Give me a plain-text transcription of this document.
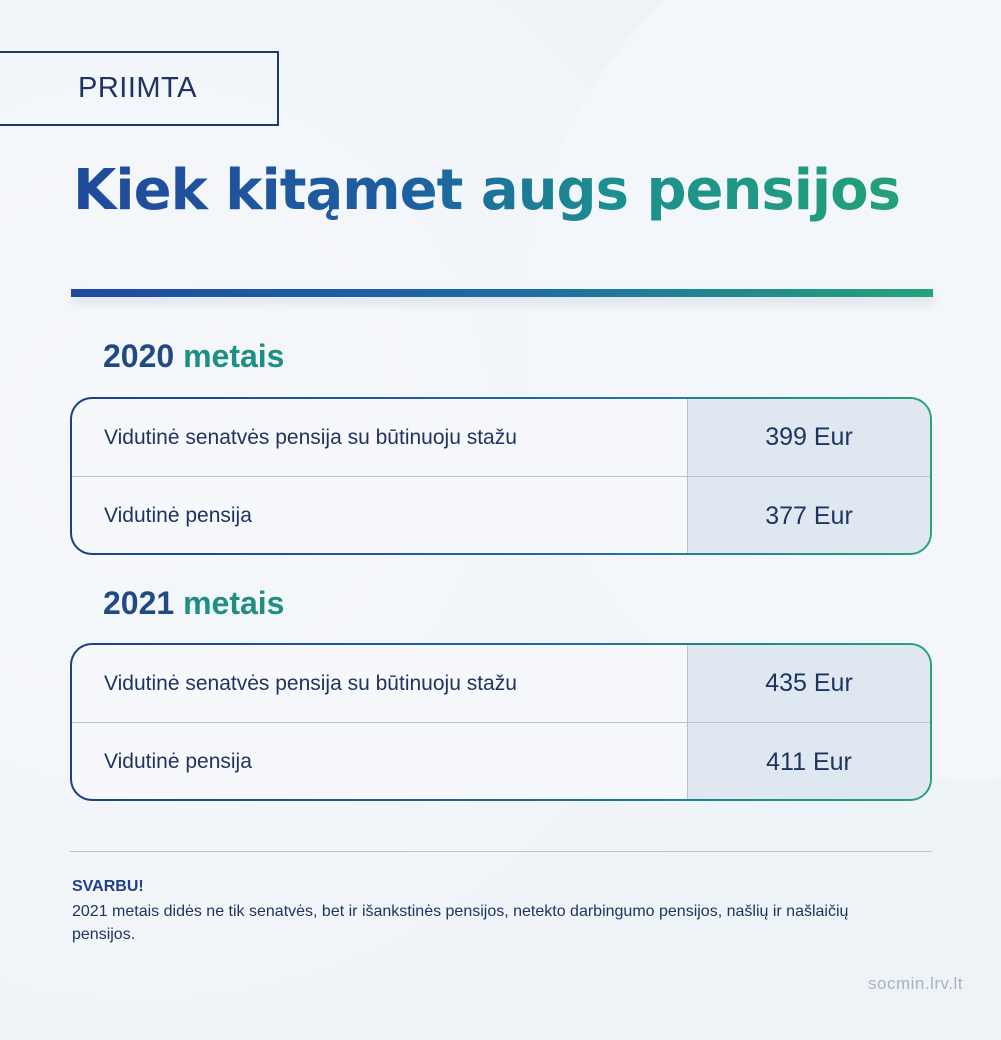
PRIIMTA
Kiek kitąmet augs pensijos
2020 metais
Vidutinė senatvės pensija su būtinuoju stažu	399 Eur
Vidutinė pensija	377 Eur
2021 metais
Vidutinė senatvės pensija su būtinuoju stažu	435 Eur
Vidutinė pensija	411 Eur

SVARBU!

2021 metais didės ne tik senatvės, bet ir išankstinės pensijos, netekto darbingumo pensijos, našlių ir našlaičių pensijos.

socmin.lrv.lt
